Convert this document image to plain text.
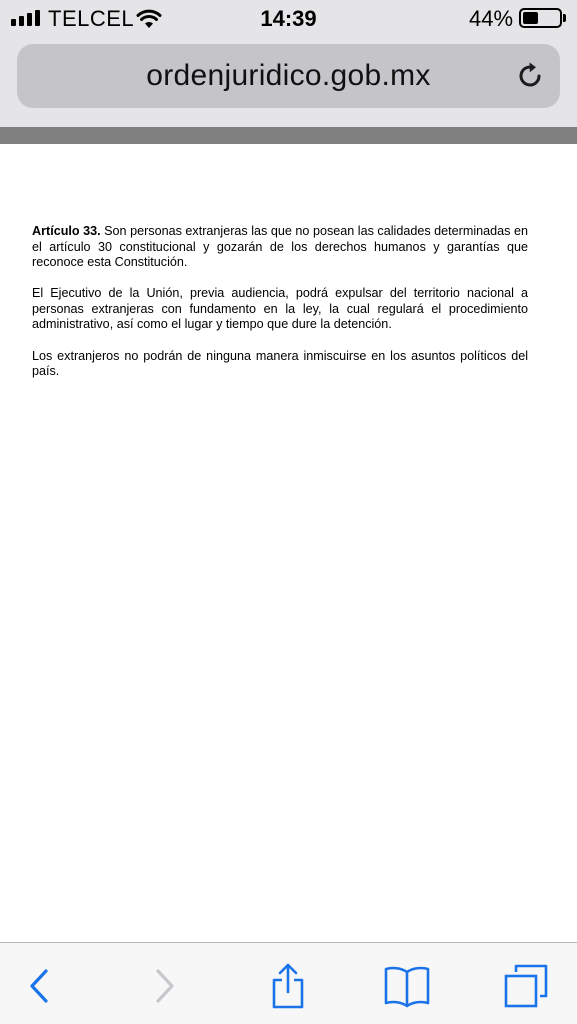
TELCEL	14:39	44%
ordenjuridico.gob.mx

Artículo 33. Son personas extranjeras las que no posean las calidades determinadas en el artículo 30 constitucional y gozarán de los derechos humanos y garantías que reconoce esta Constitución.

El Ejecutivo de la Unión, previa audiencia, podrá expulsar del territorio nacional a personas extranjeras con fundamento en la ley, la cual regulará el procedimiento administrativo, así como el lugar y tiempo que dure la detención.

Los extranjeros no podrán de ninguna manera inmiscuirse en los asuntos políticos del país.
